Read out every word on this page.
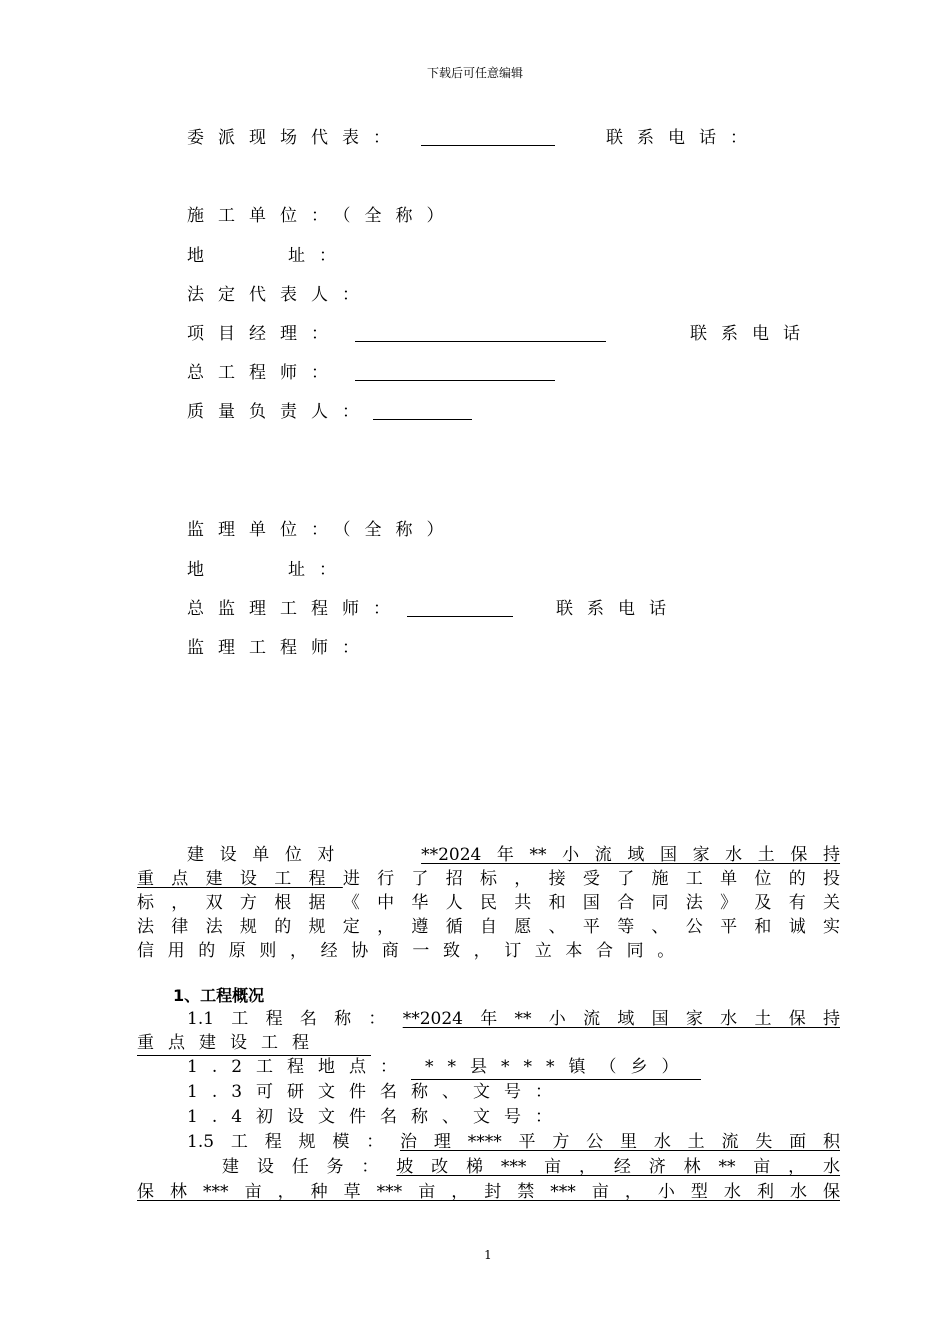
下载后可任意编辑
委派现场代表：	联系电话：
施工单位：（全称）
地	址：
法定代表人：
项目经理：	联系电话
总工程师：
质量负责人：
监理单位：（全称）
地	址：
总监理工程师：	联系电话
监理工程师：
建设单位对	**2024年**小流域国家水土保持
重点建设工程进行了招标，接受了施工单位的投
标，双方根据《中华人民共和国合同法》及有关
法律法规的规定，遵循自愿、平等、公平和诚实
信用的原则，经协商一致，订立本合同。
1、工程概况
1.1工程名称：**2024年**小流域国家水土保持
重点建设工程
1.2工程地点： **县***镇（乡）
1.3可研文件名称、文号：
1.4初设文件名称、文号：
1.5工程规模：治理****平方公里水土流失面积
建设任务：坡改梯***亩，经济林**亩，水
保林***亩，种草***亩，封禁***亩，小型水利水保
1
